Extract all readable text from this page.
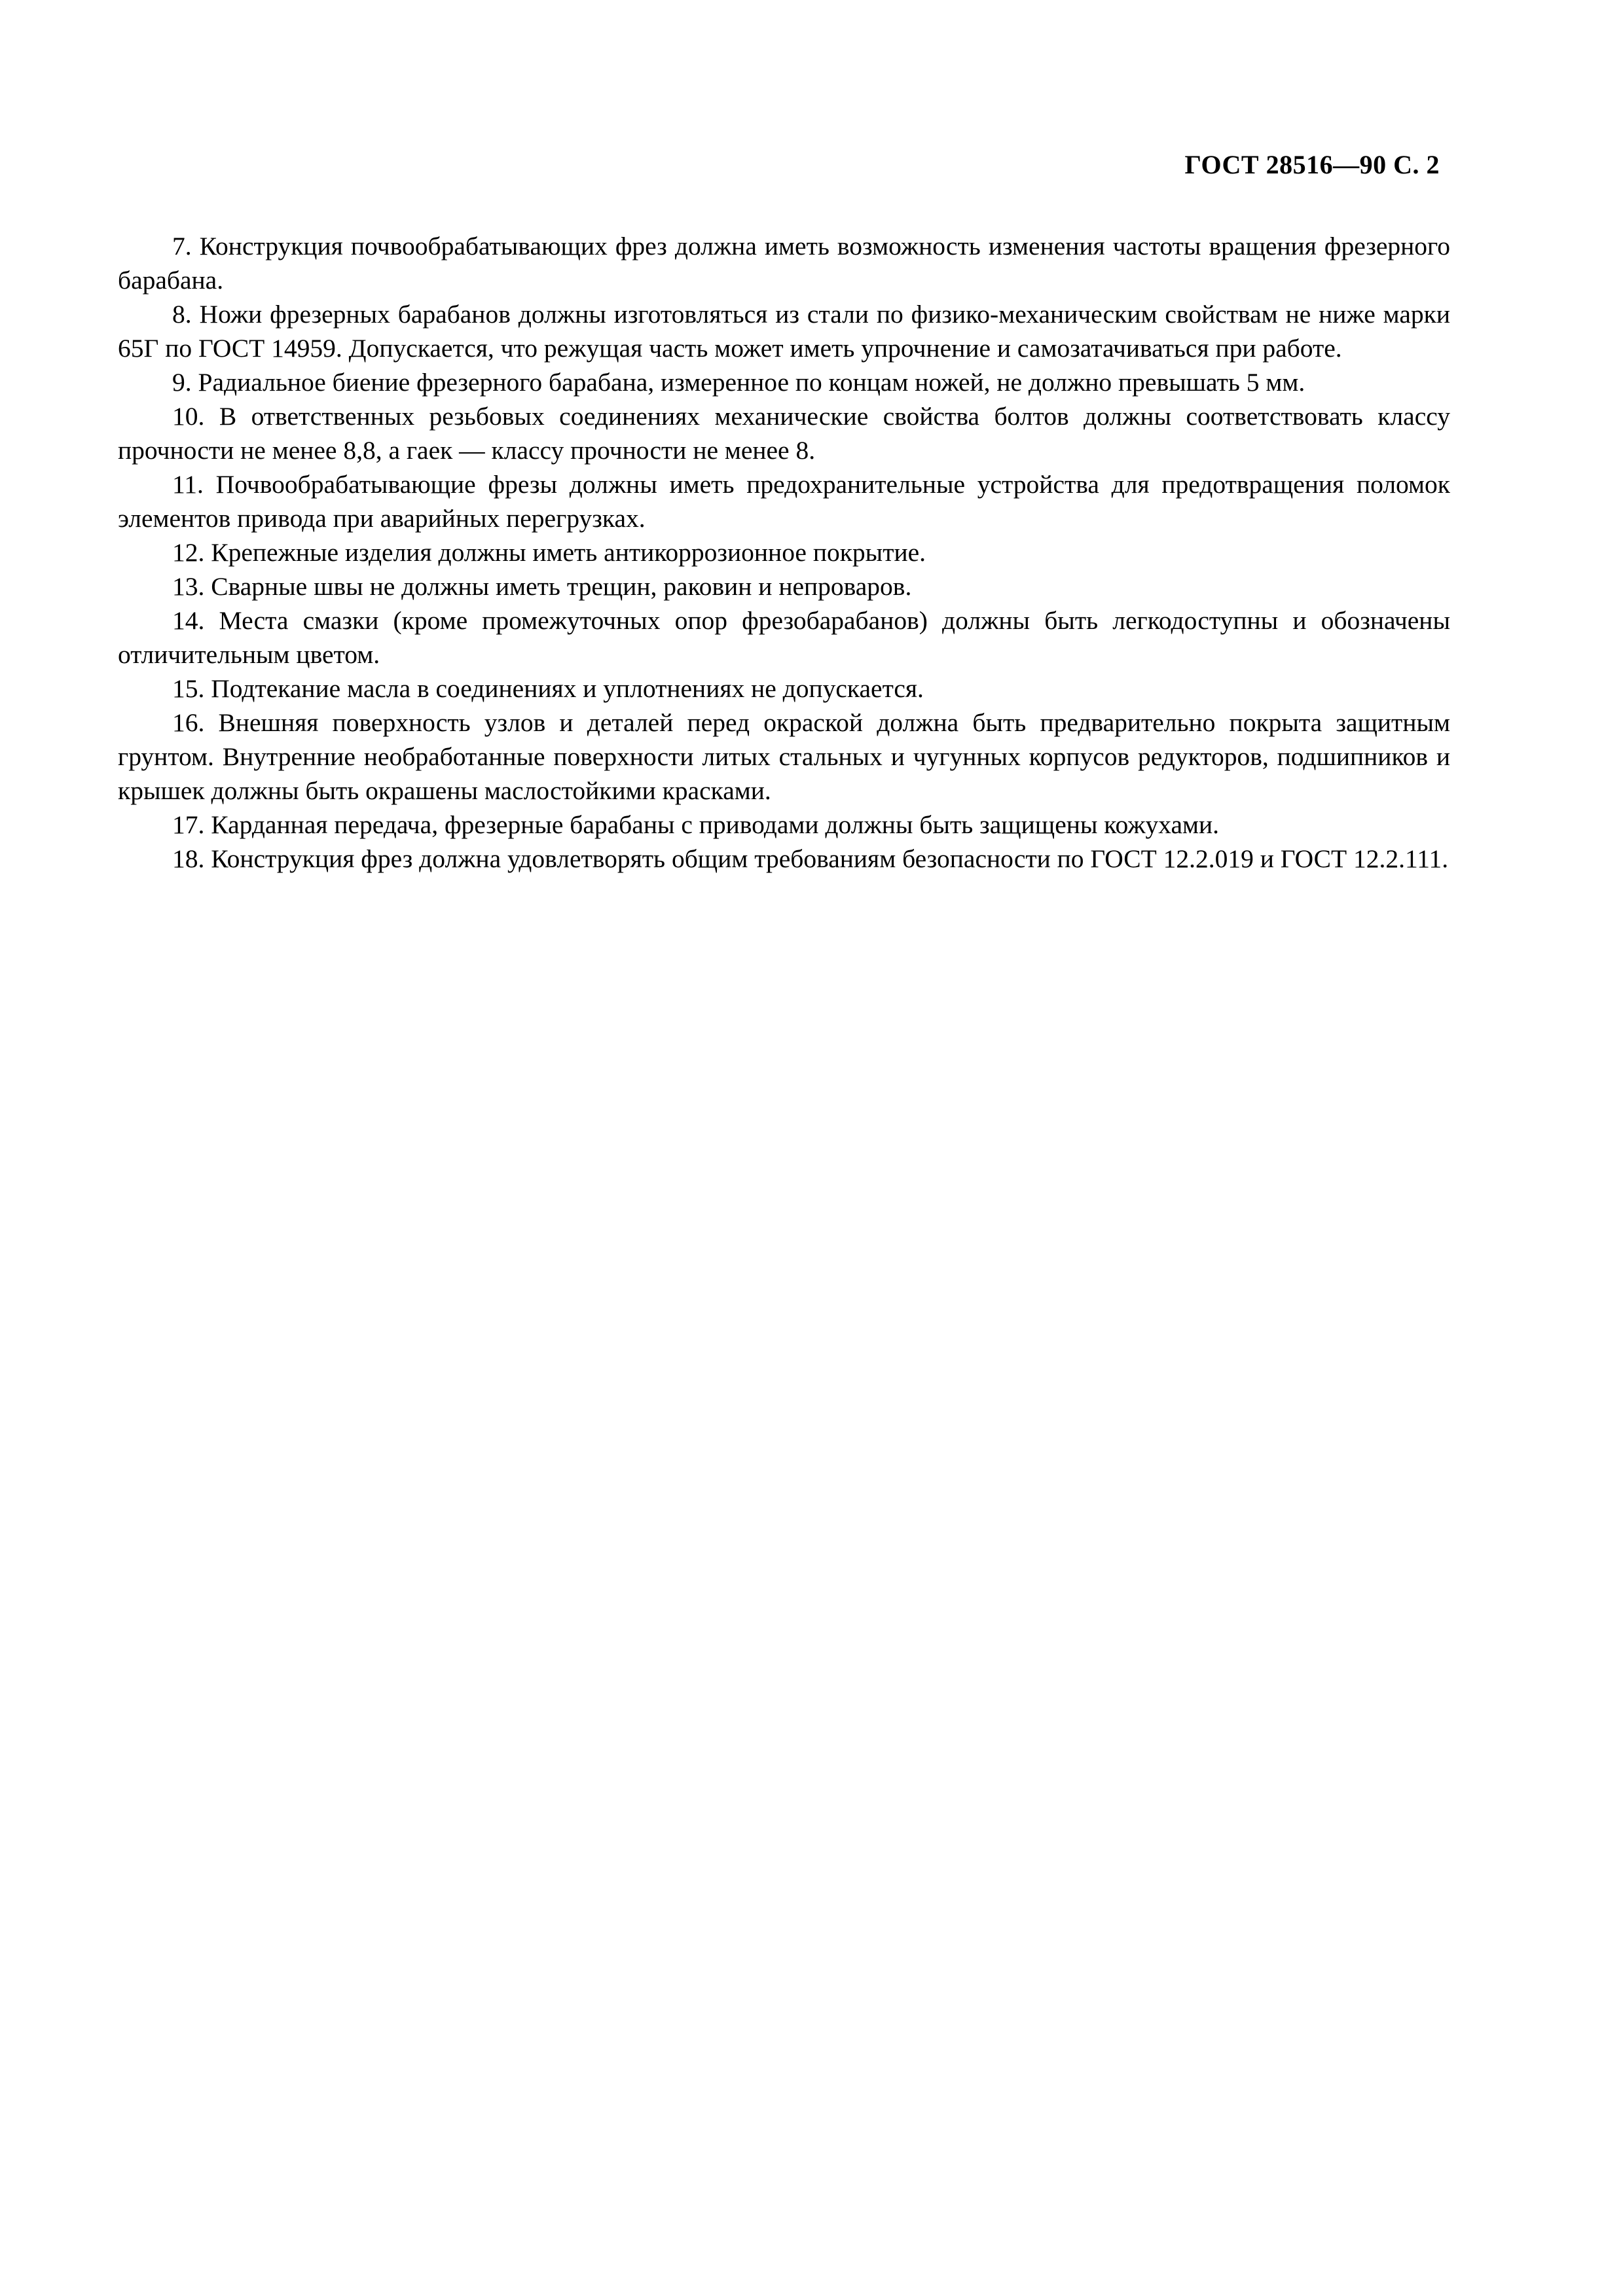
ГОСТ 28516—90 С. 2

7. Конструкция почвообрабатывающих фрез должна иметь возможность изменения частоты вращения фрезерного барабана.

8. Ножи фрезерных барабанов должны изготовляться из стали по физико-механическим свойствам не ниже марки 65Г по ГОСТ 14959. Допускается, что режущая часть может иметь упрочнение и самозатачиваться при работе.

9. Радиальное биение фрезерного барабана, измеренное по концам ножей, не должно превышать 5 мм.

10. В ответственных резьбовых соединениях механические свойства болтов должны соответствовать классу прочности не менее 8,8, а гаек — классу прочности не менее 8.

11. Почвообрабатывающие фрезы должны иметь предохранительные устройства для предотвращения поломок элементов привода при аварийных перегрузках.

12. Крепежные изделия должны иметь антикоррозионное покрытие.

13. Сварные швы не должны иметь трещин, раковин и непроваров.

14. Места смазки (кроме промежуточных опор фрезобарабанов) должны быть легкодоступны и обозначены отличительным цветом.

15. Подтекание масла в соединениях и уплотнениях не допускается.

16. Внешняя поверхность узлов и деталей перед окраской должна быть предварительно покрыта защитным грунтом. Внутренние необработанные поверхности литых стальных и чугунных корпусов редукторов, подшипников и крышек должны быть окрашены маслостойкими красками.

17. Карданная передача, фрезерные барабаны с приводами должны быть защищены кожухами.

18. Конструкция фрез должна удовлетворять общим требованиям безопасности по ГОСТ 12.2.019 и ГОСТ 12.2.111.
